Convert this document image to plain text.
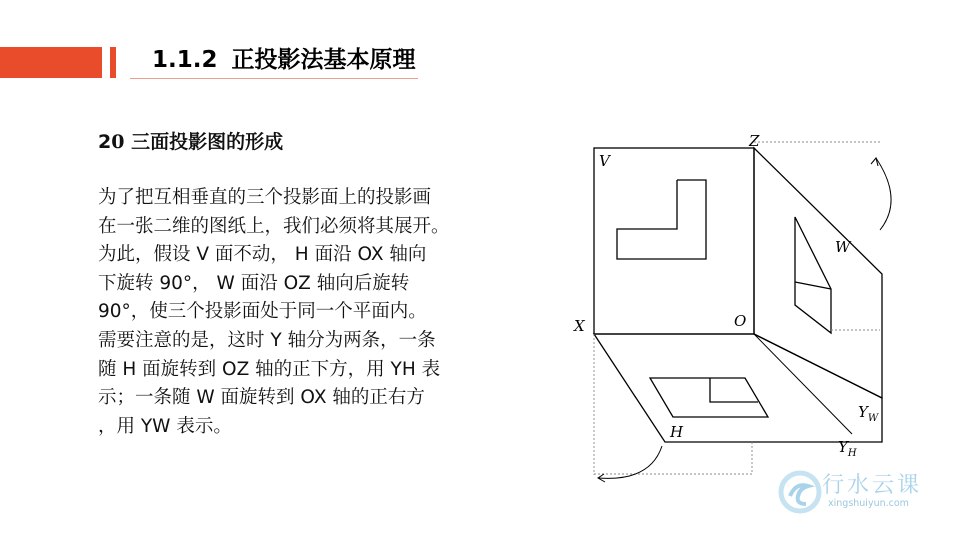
1.1.2 正投影法基本原理
20 三面投影图的形成
为了把互相垂直的三个投影面上的投影画
在一张二维的图纸上，我们必须将其展开。
为此，假设 V 面不动， H 面沿 OX 轴向
下旋转 90°， W 面沿 OZ 轴向后旋转
90°，使三个投影面处于同一个平面内。
需要注意的是，这时 Y 轴分为两条，一条
随 H 面旋转到 OZ 轴的正下方，用 YH 表
示；一条随 W 面旋转到 OX 轴的正右方
，用 YW 表示。
Z
V
W
X	O
H
$Y_W$
$Y_H$
行水云课
xingshuiyun.com
